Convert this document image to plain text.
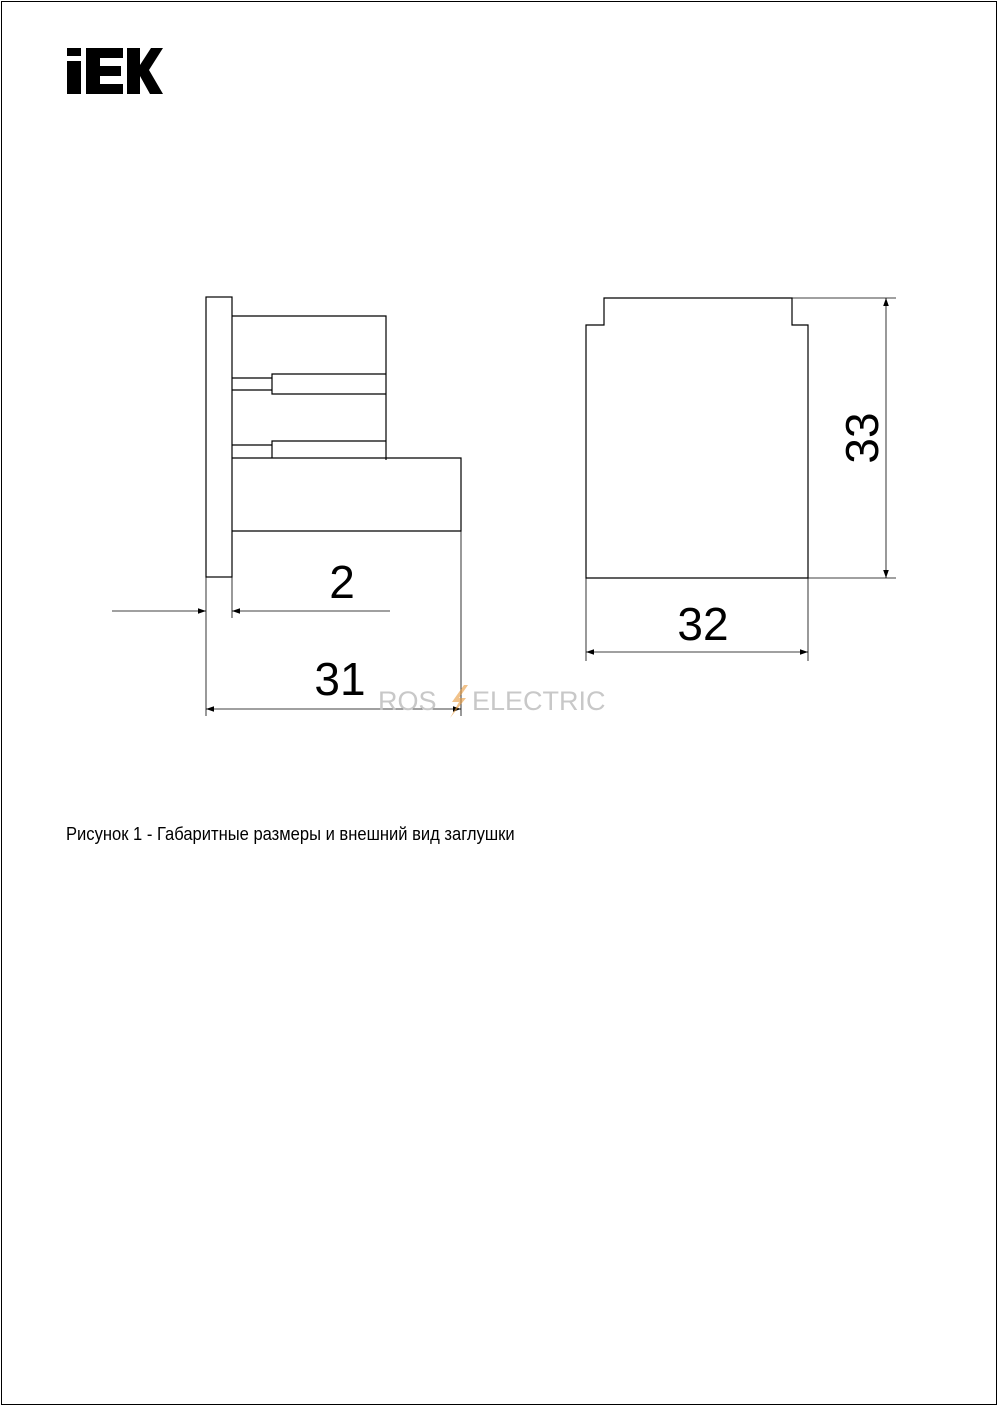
2
31
32
33
ROS ELECTRIC
Рисунок 1 - Габаритные размеры и внешний вид заглушки
